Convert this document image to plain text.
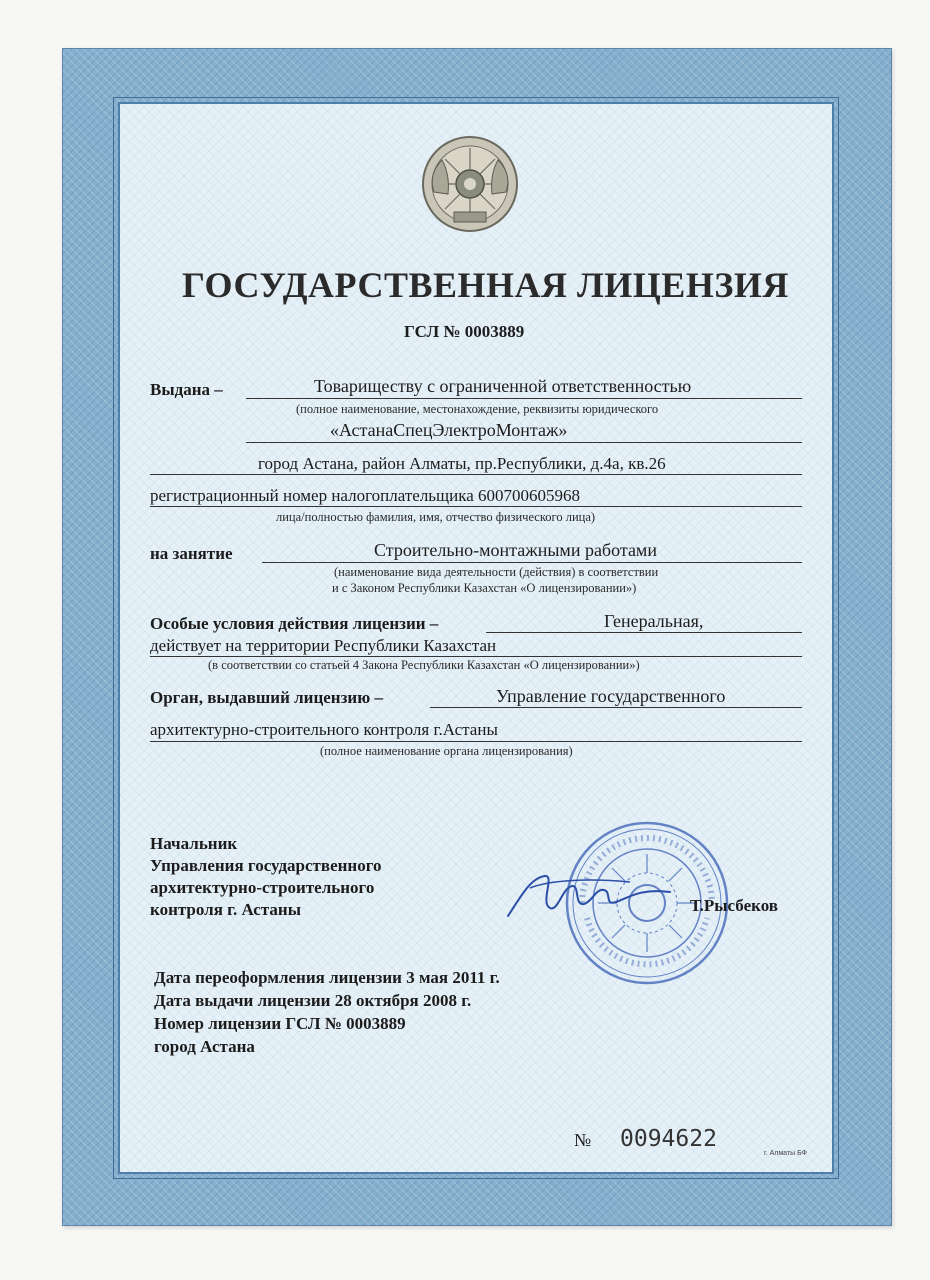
ГОСУДАРСТВЕННАЯ ЛИЦЕНЗИЯ
ГСЛ № 0003889
Выдана –	Товариществу с ограниченной ответственностью
(полное наименование, местонахождение, реквизиты юридического
«АстанаСпецЭлектроМонтаж»
город Астана, район Алматы, пр.Республики, д.4а, кв.26
регистрационный номер налогоплательщика 600700605968
лица/полностью фамилия, имя, отчество физического лица)
на занятие	Строительно-монтажными работами
(наименование вида деятельности (действия) в соответствии
и с Законом Республики Казахстан «О лицензировании»)
Особые условия действия лицензии –	Генеральная,
действует на территории Республики Казахстан
(в соответствии со статьей 4 Закона Республики Казахстан «О лицензировании»)
Орган, выдавший лицензию –	Управление государственного
архитектурно-строительного контроля г.Астаны
(полное наименование органа лицензирования)
Начальник
Управления государственного
архитектурно-строительного
контроля г. Астаны	Т.Рысбеков
Дата переоформления лицензии 3 мая 2011 г.
Дата выдачи лицензии 28 октября 2008 г.
Номер лицензии ГСЛ № 0003889
город Астана
№ 0094622
г. Алматы БФ
